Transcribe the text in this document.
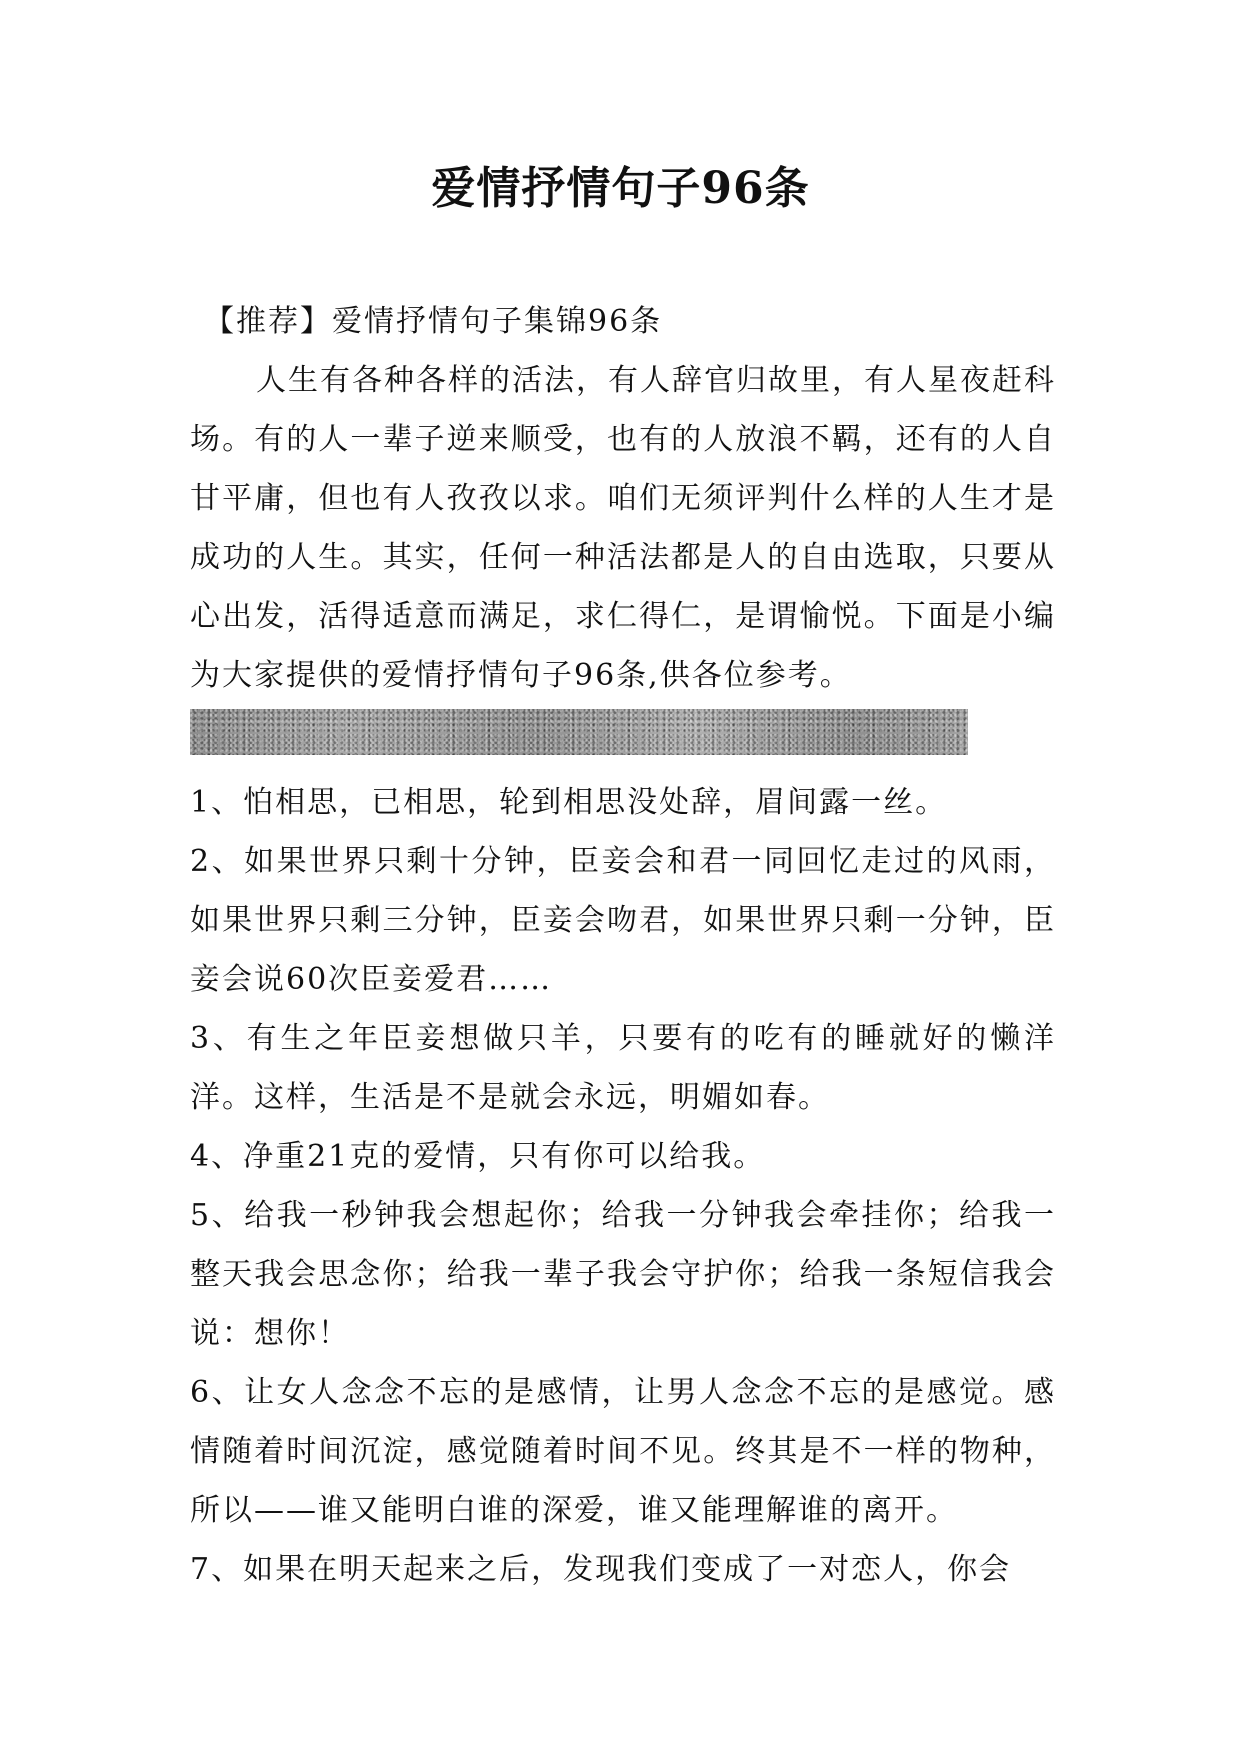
爱情抒情句子96条

【推荐】爱情抒情句子集锦96条

人生有各种各样的活法，有人辞官归故里，有人星夜赶科场。有的人一辈子逆来顺受，也有的人放浪不羁，还有的人自甘平庸，但也有人孜孜以求。咱们无须评判什么样的人生才是成功的人生。其实，任何一种活法都是人的自由选取，只要从心出发，活得适意而满足，求仁得仁，是谓愉悦。下面是小编为大家提供的爱情抒情句子96条,供各位参考。

1、怕相思，已相思，轮到相思没处辞，眉间露一丝。

2、如果世界只剩十分钟，臣妾会和君一同回忆走过的风雨，如果世界只剩三分钟，臣妾会吻君，如果世界只剩一分钟，臣妾会说60次臣妾爱君……

3、有生之年臣妾想做只羊，只要有的吃有的睡就好的懒洋洋。这样，生活是不是就会永远，明媚如春。

4、净重21克的爱情，只有你可以给我。

5、给我一秒钟我会想起你；给我一分钟我会牵挂你；给我一整天我会思念你；给我一辈子我会守护你；给我一条短信我会说：想你！

6、让女人念念不忘的是感情，让男人念念不忘的是感觉。感情随着时间沉淀，感觉随着时间不见。终其是不一样的物种，所以——谁又能明白谁的深爱，谁又能理解谁的离开。

7、如果在明天起来之后，发现我们变成了一对恋人，你会
